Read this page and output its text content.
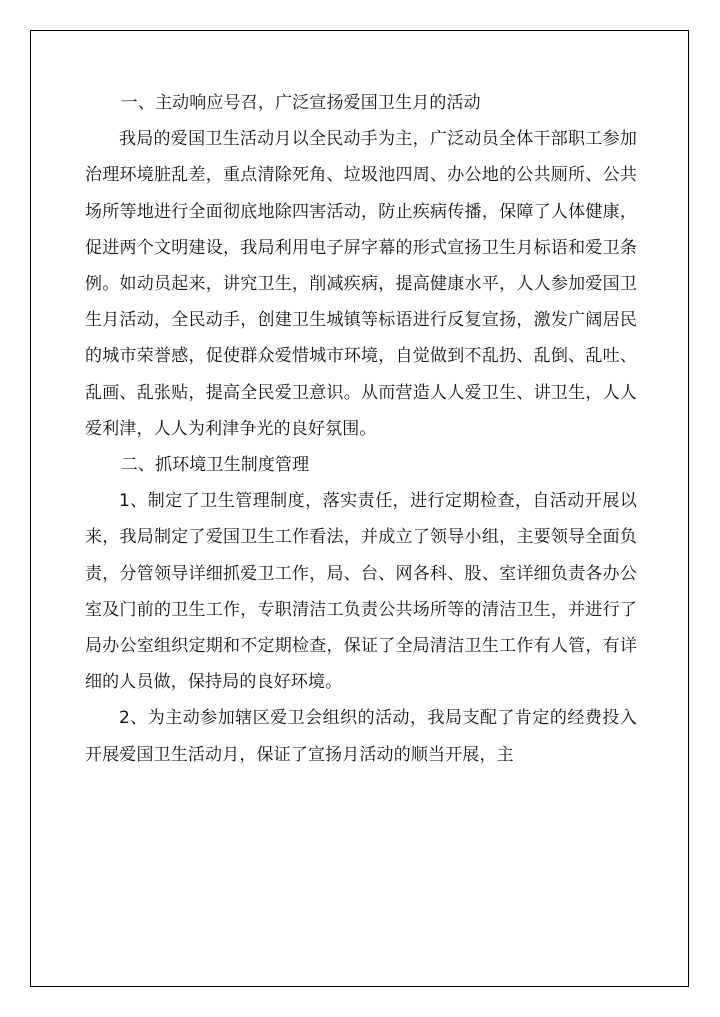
一、主动响应号召，广泛宣扬爱国卫生月的活动

我局的爱国卫生活动月以全民动手为主，广泛动员全体干部职工参加治理环境脏乱差，重点清除死角、垃圾池四周、办公地的公共厕所、公共场所等地进行全面彻底地除四害活动，防止疾病传播，保障了人体健康，促进两个文明建设，我局利用电子屏字幕的形式宣扬卫生月标语和爱卫条例。如动员起来，讲究卫生，削减疾病，提高健康水平，人人参加爱国卫生月活动，全民动手，创建卫生城镇等标语进行反复宣扬，激发广阔居民的城市荣誉感，促使群众爱惜城市环境，自觉做到不乱扔、乱倒、乱吐、乱画、乱张贴，提高全民爱卫意识。从而营造人人爱卫生、讲卫生，人人爱利津，人人为利津争光的良好氛围。

二、抓环境卫生制度管理

1、制定了卫生管理制度，落实责任，进行定期检查，自活动开展以来，我局制定了爱国卫生工作看法，并成立了领导小组，主要领导全面负责，分管领导详细抓爱卫工作，局、台、网各科、股、室详细负责各办公室及门前的卫生工作，专职清洁工负责公共场所等的清洁卫生，并进行了局办公室组织定期和不定期检查，保证了全局清洁卫生工作有人管，有详细的人员做，保持局的良好环境。

2、为主动参加辖区爱卫会组织的活动，我局支配了肯定的经费投入开展爱国卫生活动月，保证了宣扬月活动的顺当开展，主
